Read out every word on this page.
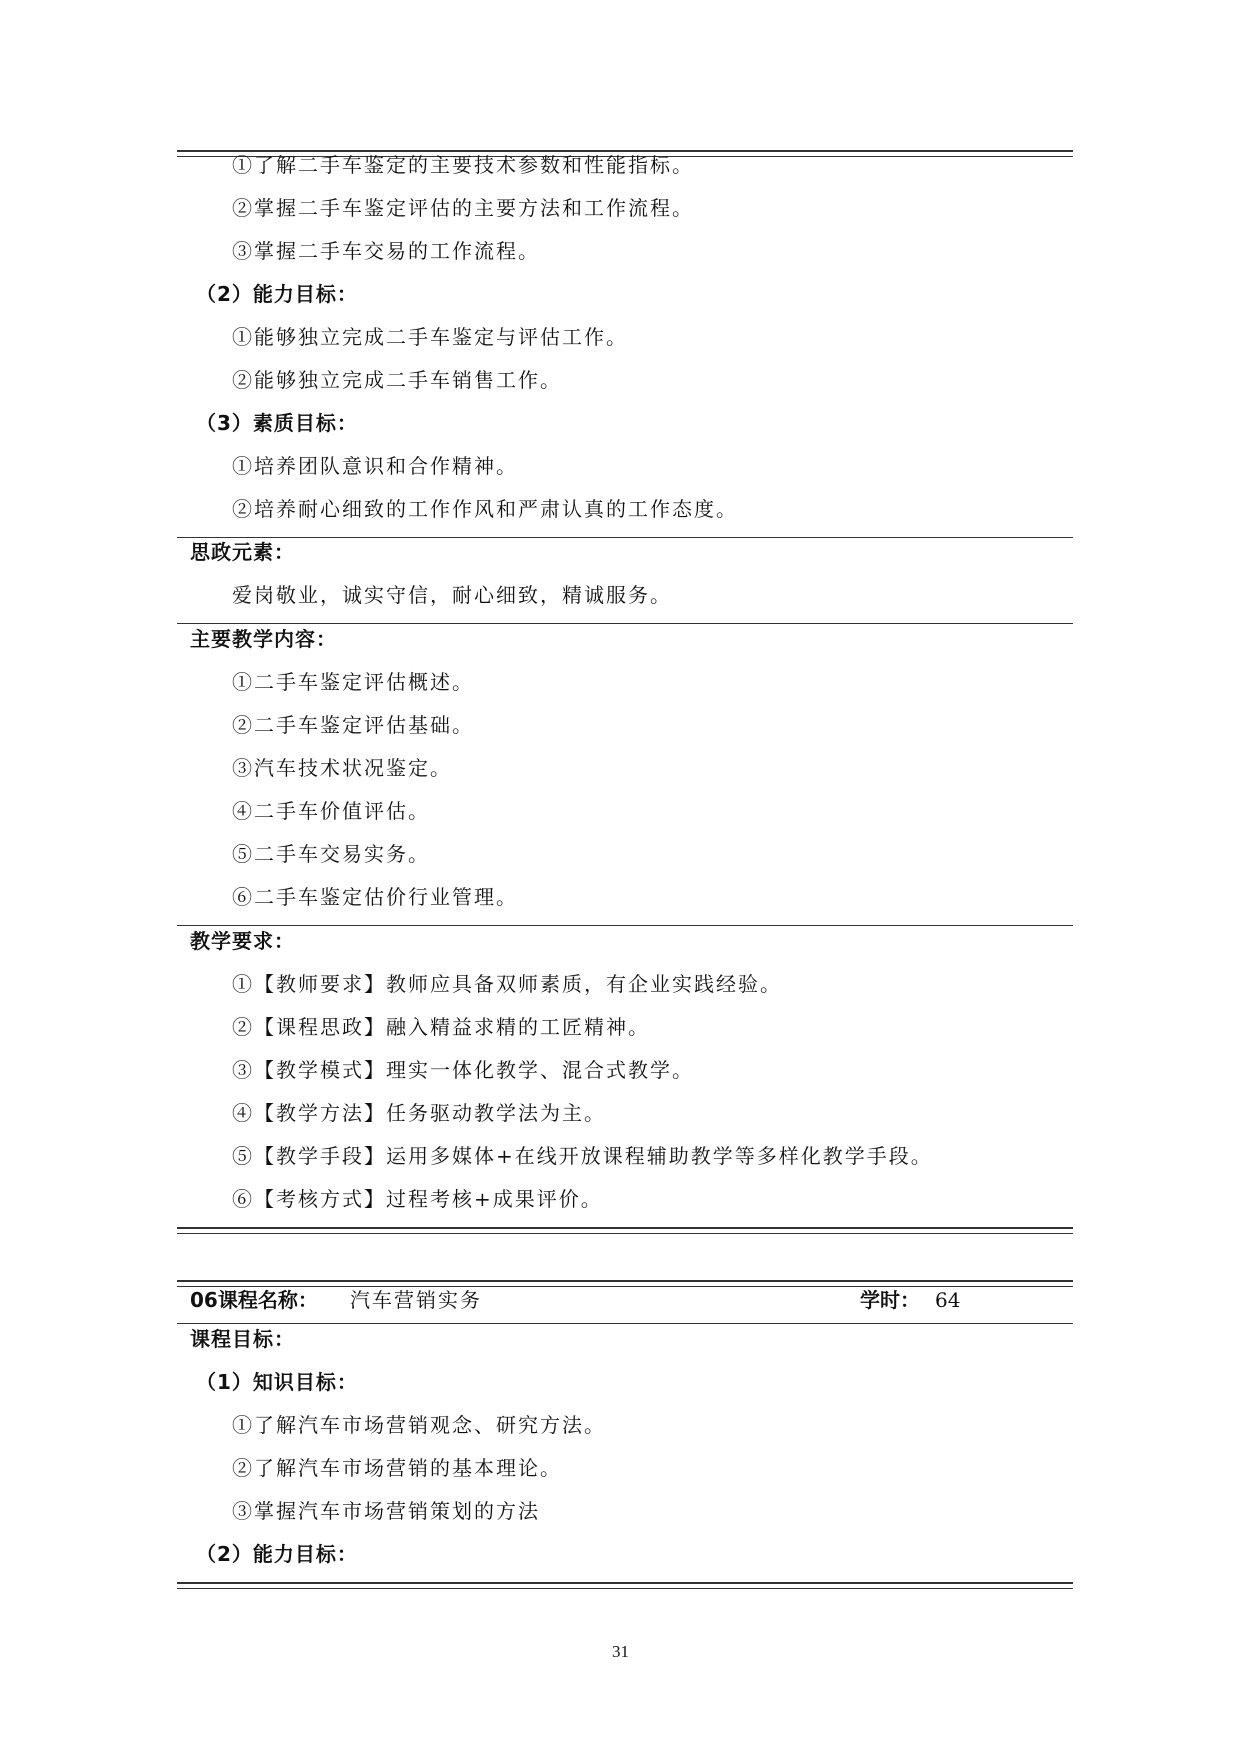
①了解二手车鉴定的主要技术参数和性能指标。
②掌握二手车鉴定评估的主要方法和工作流程。
③掌握二手车交易的工作流程。
（2）能力目标：
①能够独立完成二手车鉴定与评估工作。
②能够独立完成二手车销售工作。
（3）素质目标：
①培养团队意识和合作精神。
②培养耐心细致的工作作风和严肃认真的工作态度。
思政元素：
爱岗敬业，诚实守信，耐心细致，精诚服务。
主要教学内容：
①二手车鉴定评估概述。
②二手车鉴定评估基础。
③汽车技术状况鉴定。
④二手车价值评估。
⑤二手车交易实务。
⑥二手车鉴定估价行业管理。
教学要求：
①【教师要求】教师应具备双师素质，有企业实践经验。
②【课程思政】融入精益求精的工匠精神。
③【教学模式】理实一体化教学、混合式教学。
④【教学方法】任务驱动教学法为主。
⑤【教学手段】运用多媒体+在线开放课程辅助教学等多样化教学手段。
⑥【考核方式】过程考核+成果评价。
06课程名称： 汽车营销实务	学时： 64
课程目标：
（1）知识目标：
①了解汽车市场营销观念、研究方法。
②了解汽车市场营销的基本理论。
③掌握汽车市场营销策划的方法
（2）能力目标：
31
